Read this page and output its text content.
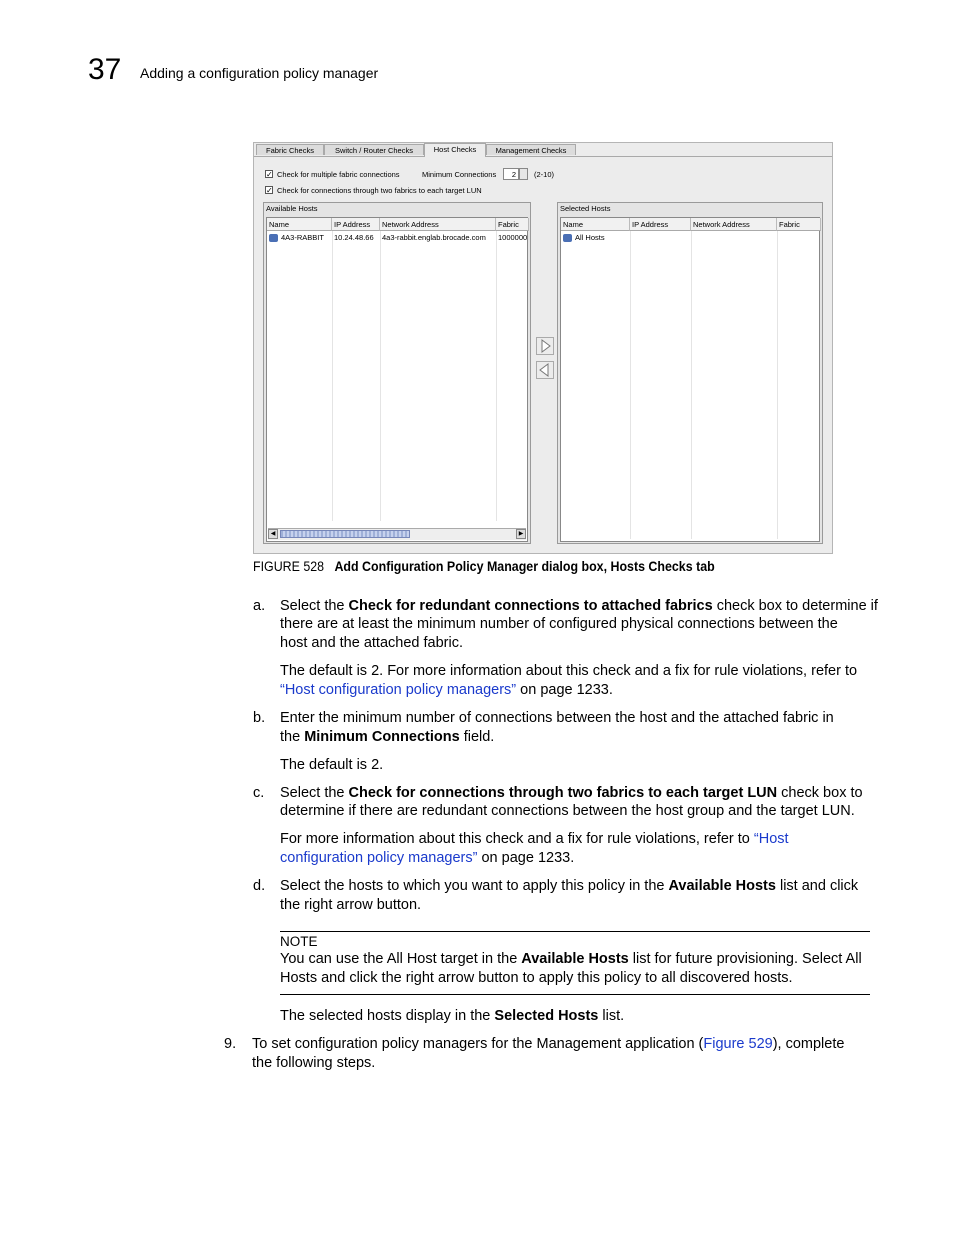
37 Adding a configuration policy manager
Fabric Checks	Switch / Router Checks	Host Checks	Management Checks
✓ Check for multiple fabric connections	Minimum Connections	2	(2-10)
✓ Check for connections through two fabrics to each target LUN
Available Hosts
Name	IP Address	Network Address	Fabric
4A3-RABBIT	10.24.48.66	4a3-rabbit.englab.brocade.com	1000000
◀	▶
Selected Hosts
Name	IP Address	Network Address	Fabric
All Hosts
FIGURE 528 Add Configuration Policy Manager dialog box, Hosts Checks tab
a. Select the Check for redundant connections to attached fabrics check box to determine if
there are at least the minimum number of configured physical connections between the
host and the attached fabric.
The default is 2. For more information about this check and a fix for rule violations, refer to
“Host configuration policy managers” on page 1233.
b. Enter the minimum number of connections between the host and the attached fabric in
the Minimum Connections field.
The default is 2.
c. Select the Check for connections through two fabrics to each target LUN check box to
determine if there are redundant connections between the host group and the target LUN.
For more information about this check and a fix for rule violations, refer to “Host
configuration policy managers” on page 1233.
d. Select the hosts to which you want to apply this policy in the Available Hosts list and click
the right arrow button.
NOTE
You can use the All Host target in the Available Hosts list for future provisioning. Select All
Hosts and click the right arrow button to apply this policy to all discovered hosts.
The selected hosts display in the Selected Hosts list.
9. To set configuration policy managers for the Management application (Figure 529), complete
the following steps.
